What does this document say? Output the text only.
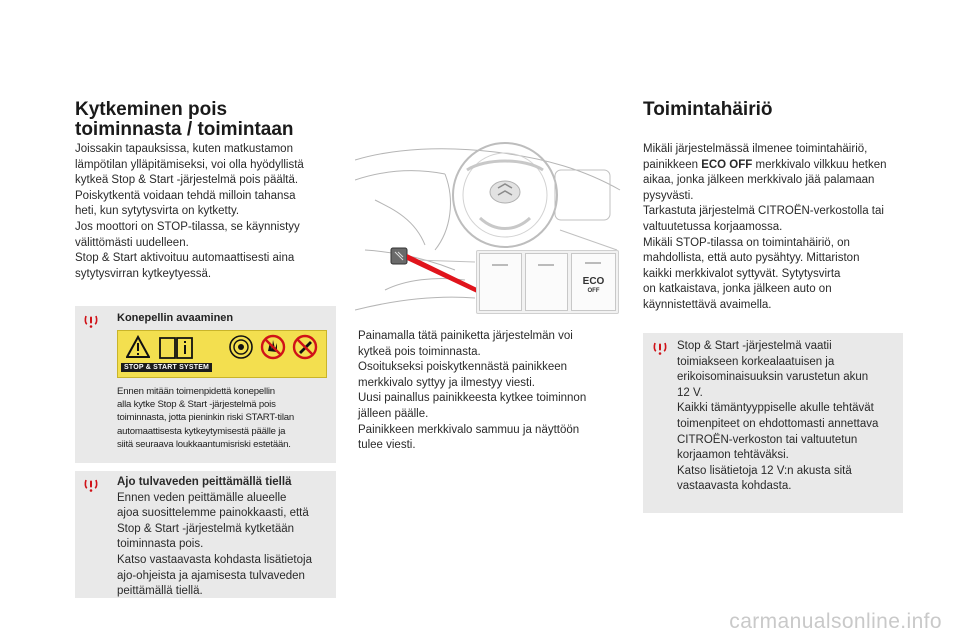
Kytkeminen pois
toiminnasta / toimintaan

Joissakin tapauksissa, kuten matkustamon

lämpötilan ylläpitämiseksi, voi olla hyödyllistä

kytkeä Stop & Start -järjestelmä pois päältä.

Poiskytkentä voidaan tehdä milloin tahansa

heti, kun sytytysvirta on kytketty.

Jos moottori on STOP-tilassa, se käynnistyy

välittömästi uudelleen.

Stop & Start aktivoituu automaattisesti aina

sytytysvirran kytkeytyessä.

Konepellin avaaminen
STOP & START SYSTEM
Ennen mitään toimenpidettä konepellin
alla kytke Stop & Start -järjestelmä pois
toiminnasta, jotta pieninkin riski START-tilan
automaattisesta kytkeytymisestä päälle ja
siitä seuraava loukkaantumisriski estetään.

Ajo tulvaveden peittämällä tiellä

Ennen veden peittämälle alueelle

ajoa suosittelemme painokkaasti, että

Stop & Start -järjestelmä kytketään

toiminnasta pois.

Katso vastaavasta kohdasta lisätietoja

ajo-ohjeista ja ajamisesta tulvaveden

peittämällä tiellä.

ECO
OFF

Painamalla tätä painiketta järjestelmän voi

kytkeä pois toiminnasta.

Osoitukseksi poiskytkennästä painikkeen

merkkivalo syttyy ja ilmestyy viesti.

Uusi painallus painikkeesta kytkee toiminnon

jälleen päälle.

Painikkeen merkkivalo sammuu ja näyttöön

tulee viesti.

Toimintahäiriö

Mikäli järjestelmässä ilmenee toimintahäiriö,

painikkeen ECO OFF merkkivalo vilkkuu hetken

aikaa, jonka jälkeen merkkivalo jää palamaan

pysyvästi.

Tarkastuta järjestelmä CITROËN-verkostolla tai

valtuutetussa korjaamossa.

Mikäli STOP-tilassa on toimintahäiriö, on

mahdollista, että auto pysähtyy. Mittariston

kaikki merkkivalot syttyvät. Sytytysvirta

on katkaistava, jonka jälkeen auto on

käynnistettävä avaimella.

Stop & Start -järjestelmä vaatii

toimiakseen korkealaatuisen ja

erikoisominaisuuksin varustetun akun

12 V.

Kaikki tämäntyyppiselle akulle tehtävät

toimenpiteet on ehdottomasti annettava

CITROËN-verkoston tai valtuutetun

korjaamon tehtäväksi.

Katso lisätietoja 12 V:n akusta sitä

vastaavasta kohdasta.

carmanualsonline.info
